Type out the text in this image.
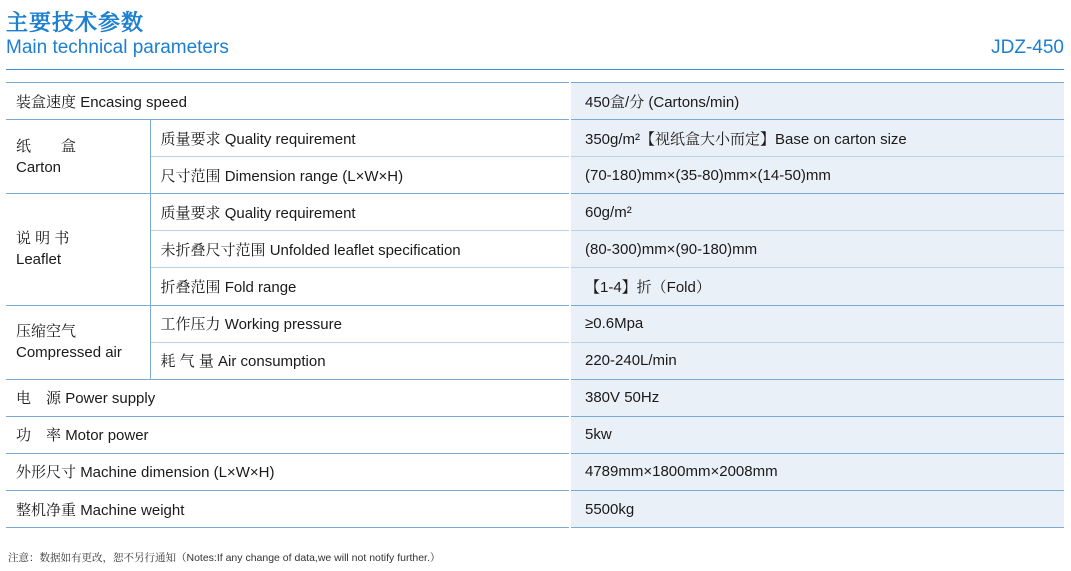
主要技术参数
Main technical parameters	JDZ-450
装盒速度 Encasing speed		450盒/分 (Cartons/min)

纸　　盒
Carton	质量要求 Quality requirement	350g/m²【视纸盒大小而定】Base on carton size
	尺寸范围 Dimension range (L×W×H)	(70-180)mm×(35-80)mm×(14-50)mm

说 明 书
Leaflet	质量要求 Quality requirement	60g/m²
	未折叠尺寸范围 Unfolded leaflet specification	(80-300)mm×(90-180)mm
	折叠范围 Fold range	【1-4】折（Fold）

压缩空气
Compressed air	工作压力 Working pressure	≥0.6Mpa
	耗 气 量 Air consumption	220-240L/min
电　源 Power supply		380V 50Hz
功　率 Motor power		5kw
外形尺寸 Machine dimension (L×W×H)		4789mm×1800mm×2008mm
整机净重 Machine weight		5500kg
注意：数据如有更改，恕不另行通知（Notes:If any change of data,we will not notify further.）
